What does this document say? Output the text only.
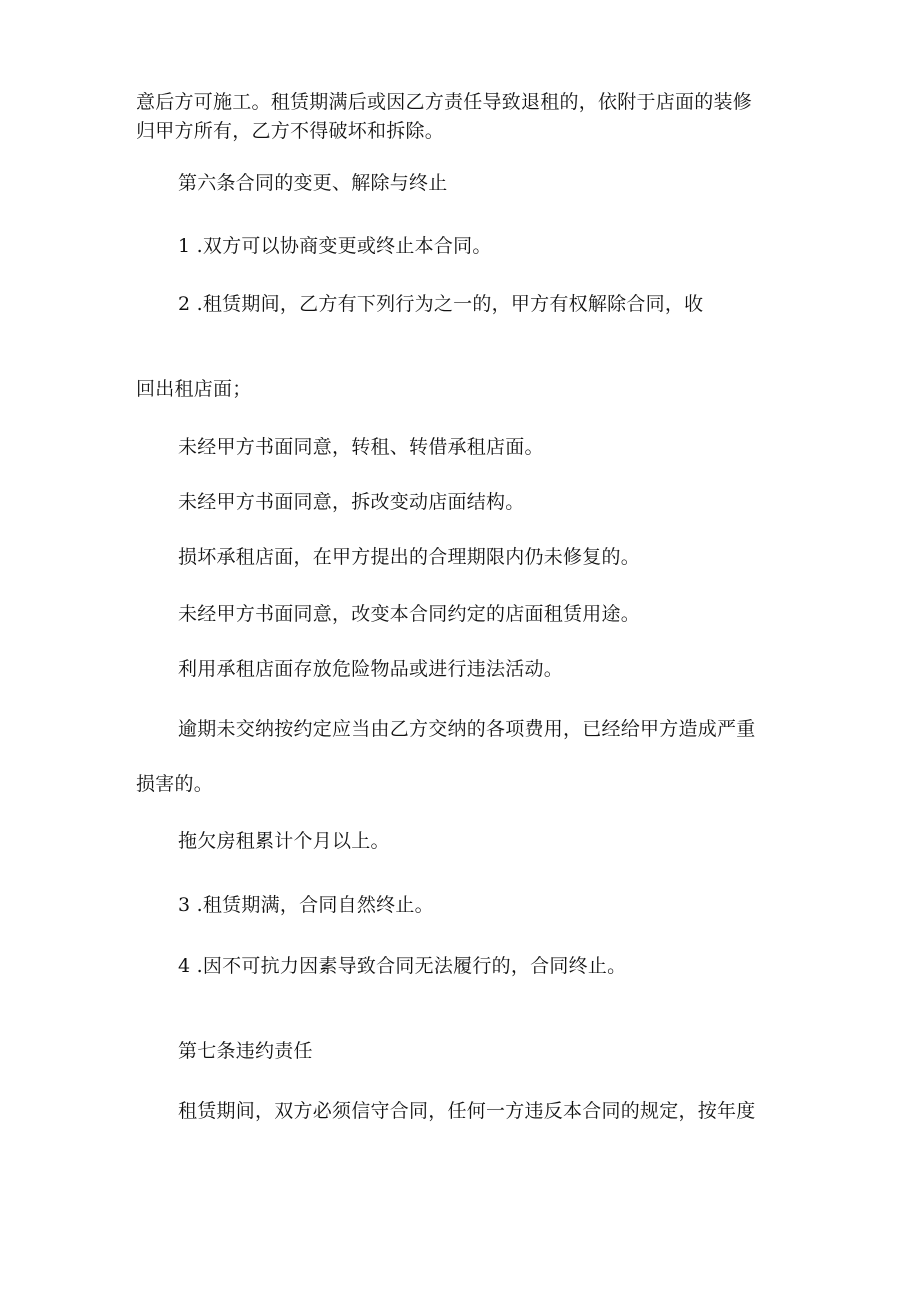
意后方可施工。租赁期满后或因乙方责任导致退租的，依附于店面的装修

归甲方所有，乙方不得破坏和拆除。

第六条合同的变更、解除与终止

1 .双方可以协商变更或终止本合同。

2 .租赁期间，乙方有下列行为之一的，甲方有权解除合同，收

回出租店面；

未经甲方书面同意，转租、转借承租店面。

未经甲方书面同意，拆改变动店面结构。

损坏承租店面，在甲方提出的合理期限内仍未修复的。

未经甲方书面同意，改变本合同约定的店面租赁用途。

利用承租店面存放危险物品或进行违法活动。

逾期未交纳按约定应当由乙方交纳的各项费用，已经给甲方造成严重

损害的。

拖欠房租累计个月以上。

3 .租赁期满，合同自然终止。

4 .因不可抗力因素导致合同无法履行的，合同终止。

第七条违约责任

租赁期间，双方必须信守合同，任何一方违反本合同的规定，按年度
